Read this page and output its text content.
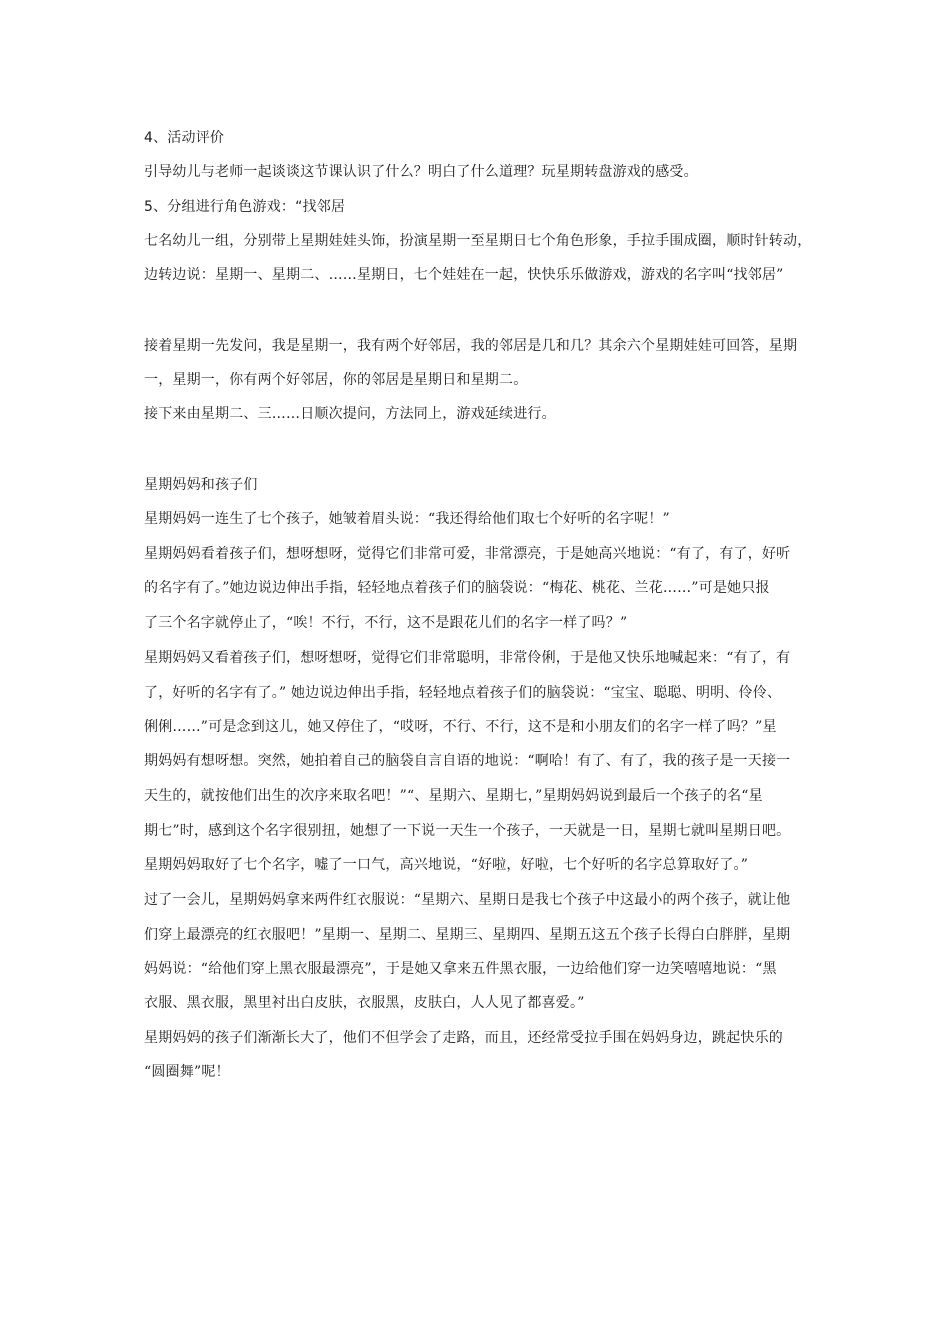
4、活动评价
引导幼儿与老师一起谈谈这节课认识了什么？明白了什么道理？玩星期转盘游戏的感受。
5、分组进行角色游戏：“找邻居
七名幼儿一组，分别带上星期娃娃头饰，扮演星期一至星期日七个角色形象，手拉手围成圈，顺时针转动，
边转边说：星期一、星期二、……星期日，七个娃娃在一起，快快乐乐做游戏，游戏的名字叫“找邻居”
接着星期一先发问，我是星期一，我有两个好邻居，我的邻居是几和几？其余六个星期娃娃可回答，星期
一，星期一，你有两个好邻居，你的邻居是星期日和星期二。
接下来由星期二、三……日顺次提问，方法同上，游戏延续进行。
星期妈妈和孩子们
星期妈妈一连生了七个孩子，她皱着眉头说：“我还得给他们取七个好听的名字呢！”
星期妈妈看着孩子们，想呀想呀，觉得它们非常可爱，非常漂亮，于是她高兴地说：“有了，有了，好听
的名字有了。”她边说边伸出手指，轻轻地点着孩子们的脑袋说：“梅花、桃花、兰花……”可是她只报
了三个名字就停止了，“唉！不行，不行，这不是跟花儿们的名字一样了吗？”
星期妈妈又看着孩子们，想呀想呀，觉得它们非常聪明，非常伶俐，于是他又快乐地喊起来：“有了，有
了，好听的名字有了。” 她边说边伸出手指，轻轻地点着孩子们的脑袋说：“宝宝、聪聪、明明、伶伶、
俐俐……”可是念到这儿，她又停住了，“哎呀，不行、不行，这不是和小朋友们的名字一样了吗？”星
期妈妈有想呀想。突然，她拍着自己的脑袋自言自语的地说：“啊哈！有了、有了，我的孩子是一天接一
天生的，就按他们出生的次序来取名吧！”“、星期六、星期七，”星期妈妈说到最后一个孩子的名“星
期七”时，感到这个名字很别扭，她想了一下说一天生一个孩子，一天就是一日，星期七就叫星期日吧。
星期妈妈取好了七个名字，嘘了一口气，高兴地说，“好啦，好啦，七个好听的名字总算取好了。”
过了一会儿，星期妈妈拿来两件红衣服说：“星期六、星期日是我七个孩子中这最小的两个孩子，就让他
们穿上最漂亮的红衣服吧！”星期一、星期二、星期三、星期四、星期五这五个孩子长得白白胖胖，星期
妈妈说：“给他们穿上黑衣服最漂亮”，于是她又拿来五件黑衣服，一边给他们穿一边笑嘻嘻地说：“黑
衣服、黑衣服，黑里衬出白皮肤，衣服黑，皮肤白，人人见了都喜爱。”
星期妈妈的孩子们渐渐长大了，他们不但学会了走路，而且，还经常受拉手围在妈妈身边，跳起快乐的
“圆圈舞”呢！
